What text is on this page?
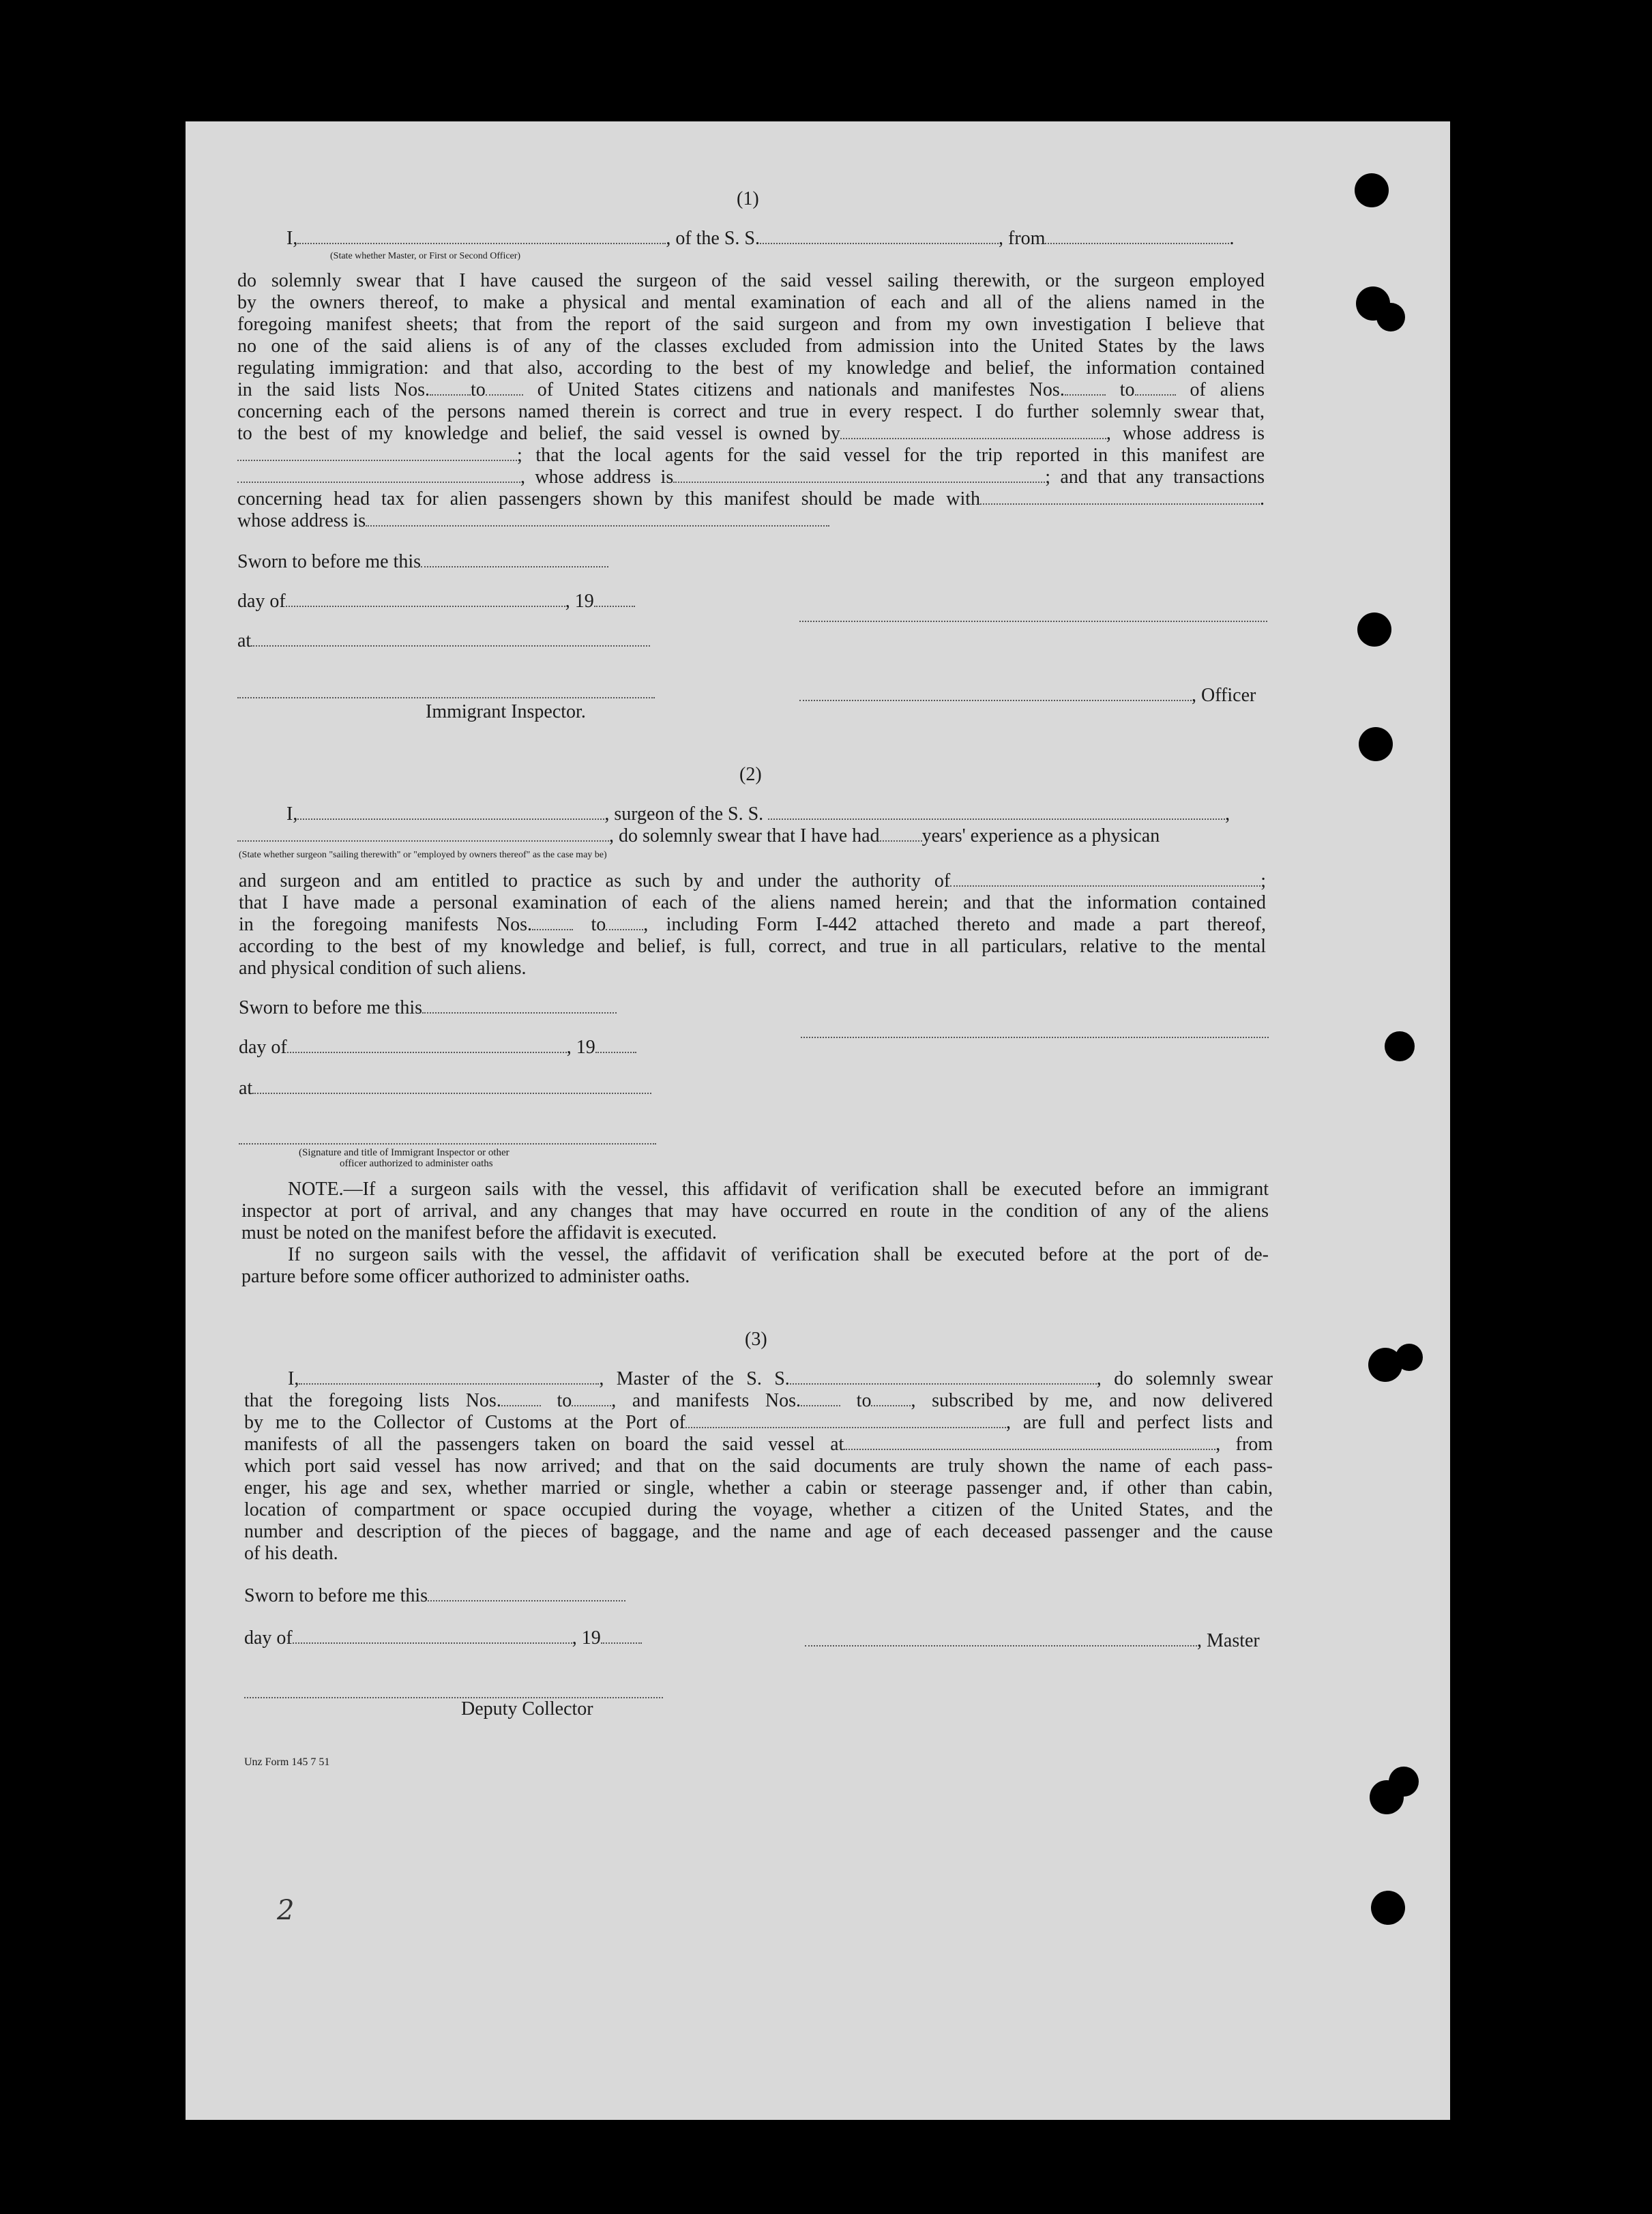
(1)
I,	, of the S. S.	, from	.
(State whether Master, or First or Second Officer)
do solemnly swear that I have caused the surgeon of the said vessel sailing therewith, or the surgeon employed
by the owners thereof, to make a physical and mental examination of each and all of the aliens named in the
foregoing manifest sheets; that from the report of the said surgeon and from my own investigation I believe that
no one of the said aliens is of any of the classes excluded from admission into the United States by the laws
regulating immigration: and that also, according to the best of my knowledge and belief, the information contained
in the said lists Nos. to	of United States citizens and nationals and manifestes Nos.	to	of aliens
concerning each of the persons named therein is correct and true in every respect. I do further solemnly swear that,
to the best of my knowledge and belief, the said vessel is owned by	, whose address is
; that the local agents for the said vessel for the trip reported in this manifest are
, whose address is	; and that any transactions
concerning head tax for alien passengers shown by this manifest should be made with	.
whose address is
Sworn to before me this
day of	, 19
at
, Officer
Immigrant Inspector.
(2)
I,	, surgeon of the S. S.	,
, do solemnly swear that I have had years' experience as a physican
(State whether surgeon "sailing therewith" or "employed by owners thereof" as the case may be)
and surgeon and am entitled to practice as such by and under the authority of	;
that I have made a personal examination of each of the aliens named herein; and that the information contained
in the foregoing manifests Nos.	to , including Form I-442 attached thereto and made a part thereof,
according to the best of my knowledge and belief, is full, correct, and true in all particulars, relative to the mental
and physical condition of such aliens.
Sworn to before me this
day of	, 19
at
(Signature and title of Immigrant Inspector or other
officer authorized to administer oaths
NOTE.—If a surgeon sails with the vessel, this affidavit of verification shall be executed before an immigrant
inspector at port of arrival, and any changes that may have occurred en route in the condition of any of the aliens
must be noted on the manifest before the affidavit is executed.
If no surgeon sails with the vessel, the affidavit of verification shall be executed before at the port of de-
parture before some officer authorized to administer oaths.
(3)
I,	, Master of the S. S.	, do solemnly swear
that the foregoing lists Nos.	to , and manifests Nos.	to , subscribed by me, and now delivered
by me to the Collector of Customs at the Port of	, are full and perfect lists and
manifests of all the passengers taken on board the said vessel at	, from
which port said vessel has now arrived; and that on the said documents are truly shown the name of each pass-
enger, his age and sex, whether married or single, whether a cabin or steerage passenger and, if other than cabin,
location of compartment or space occupied during the voyage, whether a citizen of the United States, and the
number and description of the pieces of baggage, and the name and age of each deceased passenger and the cause
of his death.
Sworn to before me this
day of	, 19	, Master
Deputy Collector
Unz Form 145 7 51
2
